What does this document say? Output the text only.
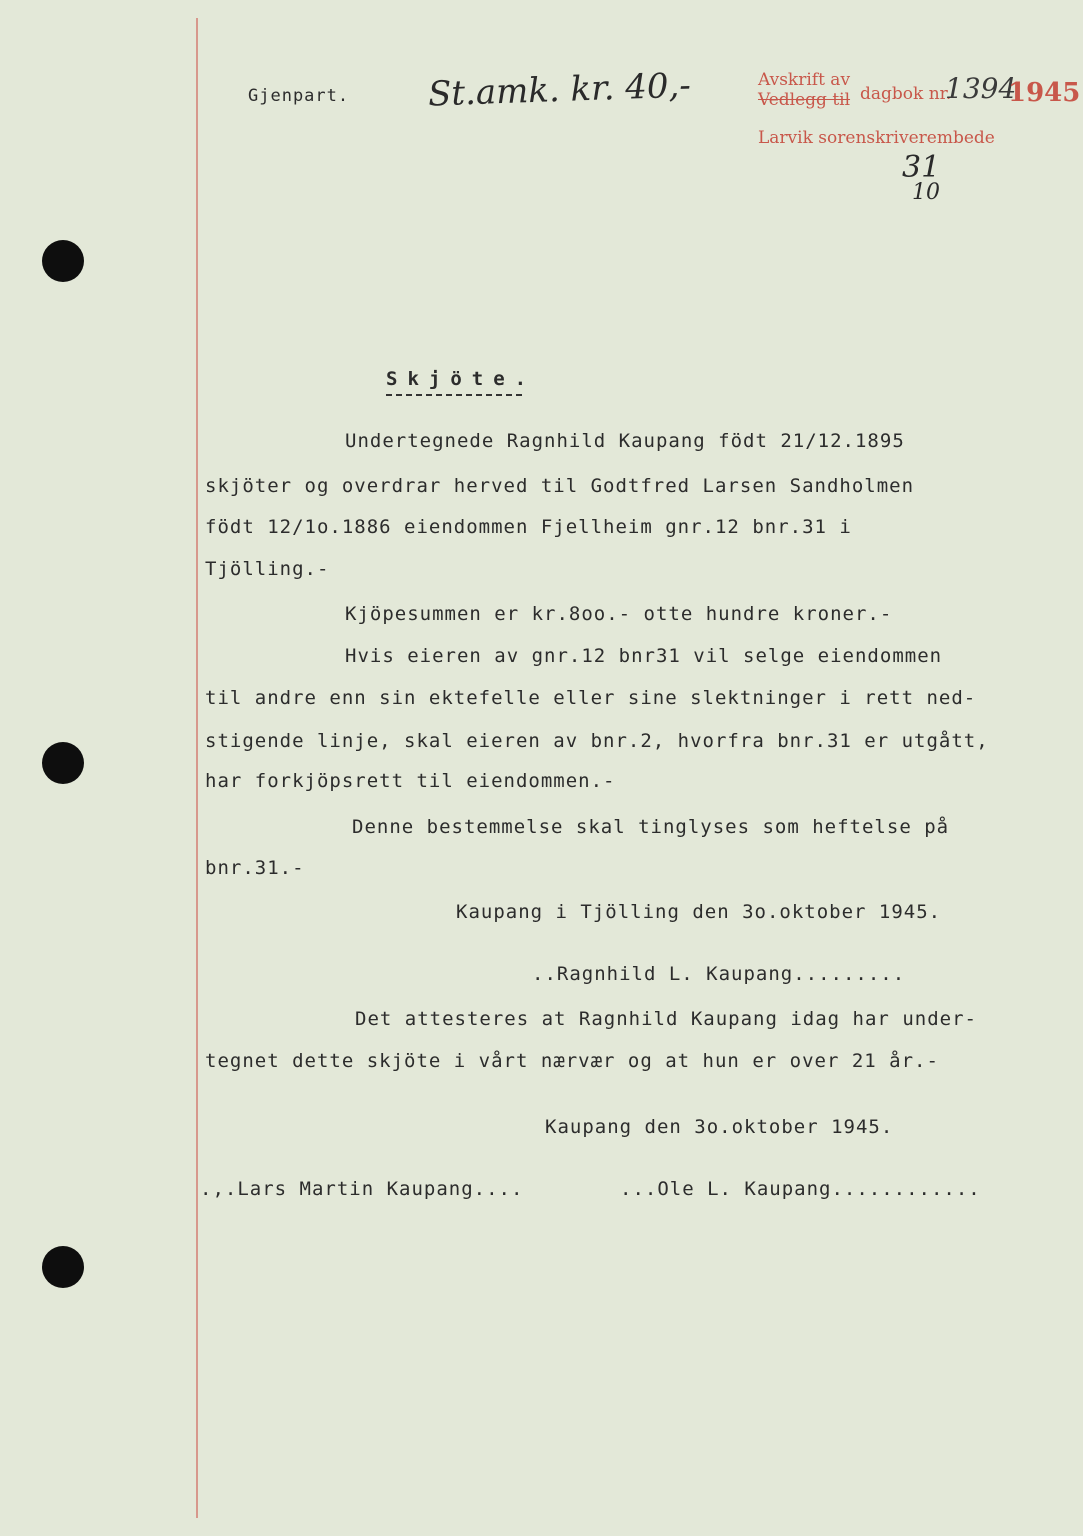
Gjenpart. St.amk. kr. 40,-	Avskrift av
Vedlegg til dagbok nr.
1394
1945
Larvik sorenskriverembede
31
10
Skjöte.
Undertegnede Ragnhild Kaupang födt 21/12.1895
skjöter og overdrar herved til Godtfred Larsen Sandholmen
födt 12/1o.1886 eiendommen Fjellheim gnr.12 bnr.31 i
Tjölling.-
Kjöpesummen er kr.8oo.- otte hundre kroner.-
Hvis eieren av gnr.12 bnr31 vil selge eiendommen
til andre enn sin ektefelle eller sine slektninger i rett ned-
stigende linje, skal eieren av bnr.2, hvorfra bnr.31 er utgått,
har forkjöpsrett til eiendommen.-
Denne bestemmelse skal tinglyses som heftelse på
bnr.31.-
Kaupang i Tjölling den 3o.oktober 1945.
..Ragnhild L. Kaupang.........
Det attesteres at Ragnhild Kaupang idag har under-
tegnet dette skjöte i vårt nærvær og at hun er over 21 år.-
Kaupang den 3o.oktober 1945.
.,.Lars Martin Kaupang....	...Ole L. Kaupang............
